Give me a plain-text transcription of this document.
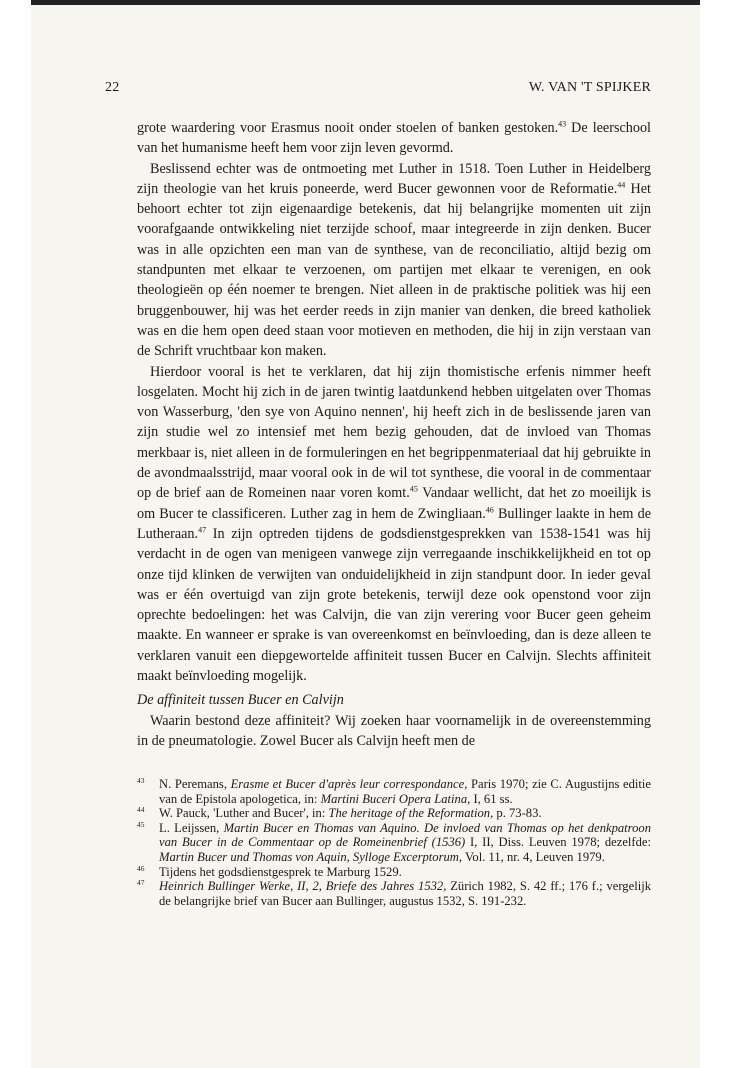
22	W. VAN 'T SPIJKER

grote waardering voor Erasmus nooit onder stoelen of banken gestoken.$^{43}$ De leerschool van het humanisme heeft hem voor zijn leven gevormd.

Beslissend echter was de ontmoeting met Luther in 1518. Toen Luther in Heidelberg zijn theologie van het kruis poneerde, werd Bucer gewonnen voor de Reformatie.$^{44}$ Het behoort echter tot zijn eigenaardige betekenis, dat hij belangrijke momenten uit zijn voorafgaande ontwikkeling niet terzijde schoof, maar integreerde in zijn denken. Bucer was in alle opzichten een man van de synthese, van de reconciliatio, altijd bezig om standpunten met elkaar te verzoenen, om partijen met elkaar te verenigen, en ook theologieën op één noemer te brengen. Niet alleen in de praktische politiek was hij een bruggenbouwer, hij was het eerder reeds in zijn manier van denken, die breed katholiek was en die hem open deed staan voor motieven en methoden, die hij in zijn verstaan van de Schrift vruchtbaar kon maken.

Hierdoor vooral is het te verklaren, dat hij zijn thomistische erfenis nimmer heeft losgelaten. Mocht hij zich in de jaren twintig laatdunkend hebben uitgelaten over Thomas von Wasserburg, 'den sye von Aquino nennen', hij heeft zich in de beslissende jaren van zijn studie wel zo intensief met hem bezig gehouden, dat de invloed van Thomas merkbaar is, niet alleen in de formuleringen en het begrippenmateriaal dat hij gebruikte in de avondmaalsstrijd, maar vooral ook in de wil tot synthese, die vooral in de commentaar op de brief aan de Romeinen naar voren komt.$^{45}$ Vandaar wellicht, dat het zo moeilijk is om Bucer te classificeren. Luther zag in hem de Zwingliaan.$^{46}$ Bullinger laakte in hem de Lutheraan.$^{47}$ In zijn optreden tijdens de godsdienstgesprekken van 1538-1541 was hij verdacht in de ogen van menigeen vanwege zijn verregaande inschikkelijkheid en tot op onze tijd klinken de verwijten van onduidelijkheid in zijn standpunt door. In ieder geval was er één overtuigd van zijn grote betekenis, terwijl deze ook openstond voor zijn oprechte bedoelingen: het was Calvijn, die van zijn verering voor Bucer geen geheim maakte. En wanneer er sprake is van overeenkomst en beïnvloeding, dan is deze alleen te verklaren vanuit een diepgewortelde affiniteit tussen Bucer en Calvijn. Slechts affiniteit maakt beïnvloeding mogelijk.

De affiniteit tussen Bucer en Calvijn

Waarin bestond deze affiniteit? Wij zoeken haar voornamelijk in de overeenstemming in de pneumatologie. Zowel Bucer als Calvijn heeft men de

$^{43}$	N. Peremans, Erasme et Bucer d'après leur correspondance, Paris 1970; zie C. Augustijns editie van de Epistola apologetica, in: Martini Buceri Opera Latina, I, 61 ss.
$^{44}$	W. Pauck, 'Luther and Bucer', in: The heritage of the Reformation, p. 73-83.
$^{45}$	L. Leijssen, Martin Bucer en Thomas van Aquino. De invloed van Thomas op het denkpatroon van Bucer in de Commentaar op de Romeinenbrief (1536) I, II, Diss. Leuven 1978; dezelfde: Martin Bucer und Thomas von Aquin, Sylloge Excerptorum, Vol. 11, nr. 4, Leuven 1979.
$^{46}$	Tijdens het godsdienstgesprek te Marburg 1529.
$^{47}$	Heinrich Bullinger Werke, II, 2, Briefe des Jahres 1532, Zürich 1982, S. 42 ff.; 176 f.; vergelijk de belangrijke brief van Bucer aan Bullinger, augustus 1532, S. 191-232.
